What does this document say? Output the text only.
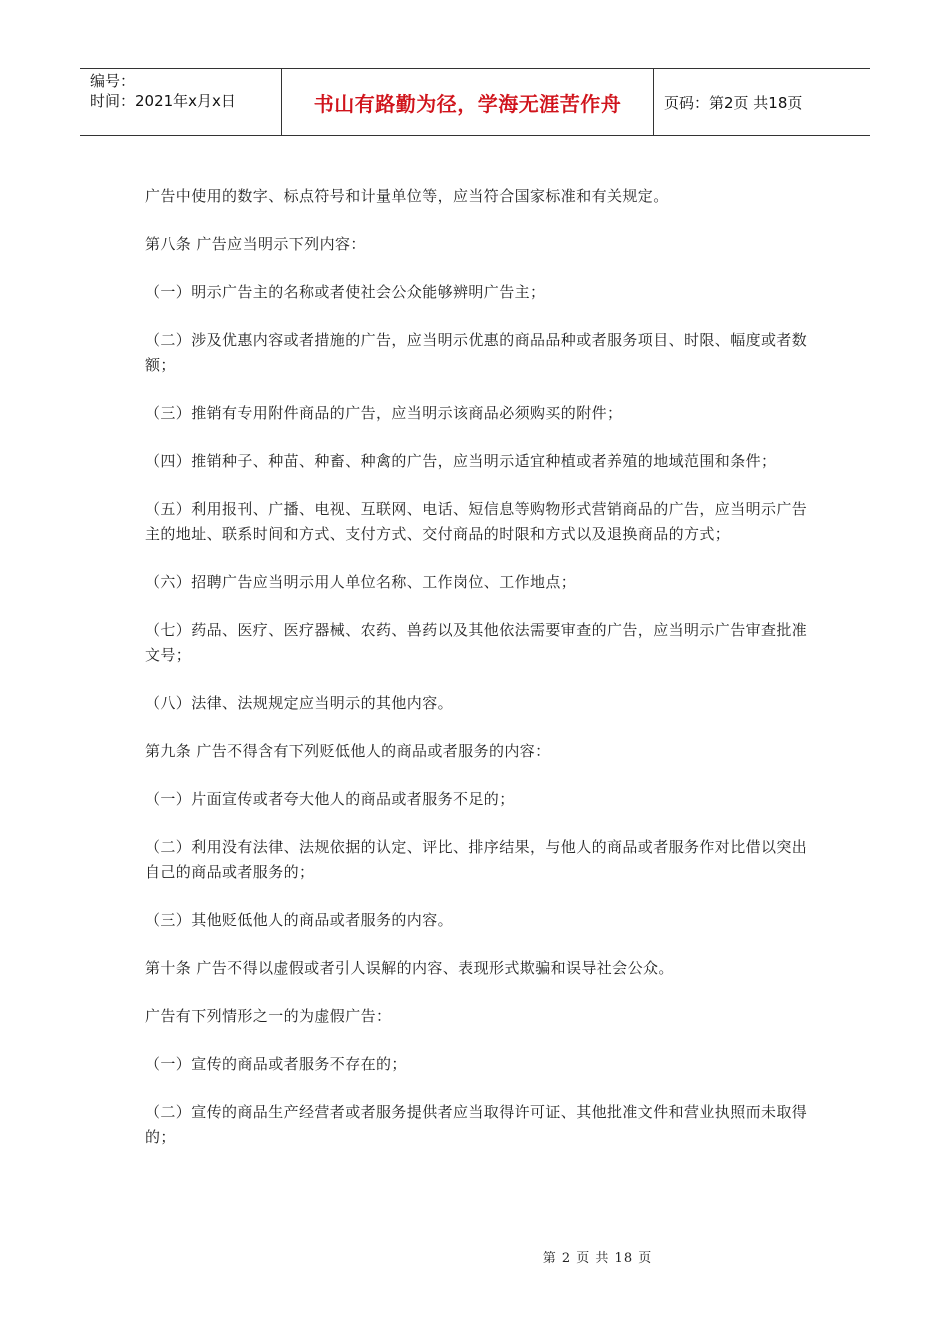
编号：
时间：2021年x月x日	书山有路勤为径，学海无涯苦作舟	页码：第2页 共18页

广告中使用的数字、标点符号和计量单位等，应当符合国家标准和有关规定。

第八条 广告应当明示下列内容：

（一）明示广告主的名称或者使社会公众能够辨明广告主；

（二）涉及优惠内容或者措施的广告，应当明示优惠的商品品种或者服务项目、时限、幅度或者数额；

（三）推销有专用附件商品的广告，应当明示该商品必须购买的附件；

（四）推销种子、种苗、种畜、种禽的广告，应当明示适宜种植或者养殖的地域范围和条件；

（五）利用报刊、广播、电视、互联网、电话、短信息等购物形式营销商品的广告，应当明示广告主的地址、联系时间和方式、支付方式、交付商品的时限和方式以及退换商品的方式；

（六）招聘广告应当明示用人单位名称、工作岗位、工作地点；

（七）药品、医疗、医疗器械、农药、兽药以及其他依法需要审查的广告，应当明示广告审查批准文号；

（八）法律、法规规定应当明示的其他内容。

第九条 广告不得含有下列贬低他人的商品或者服务的内容：

（一）片面宣传或者夸大他人的商品或者服务不足的；

（二）利用没有法律、法规依据的认定、评比、排序结果，与他人的商品或者服务作对比借以突出自己的商品或者服务的；

（三）其他贬低他人的商品或者服务的内容。

第十条 广告不得以虚假或者引人误解的内容、表现形式欺骗和误导社会公众。

广告有下列情形之一的为虚假广告：

（一）宣传的商品或者服务不存在的；

（二）宣传的商品生产经营者或者服务提供者应当取得许可证、其他批准文件和营业执照而未取得的；

第 2 页 共 18 页
